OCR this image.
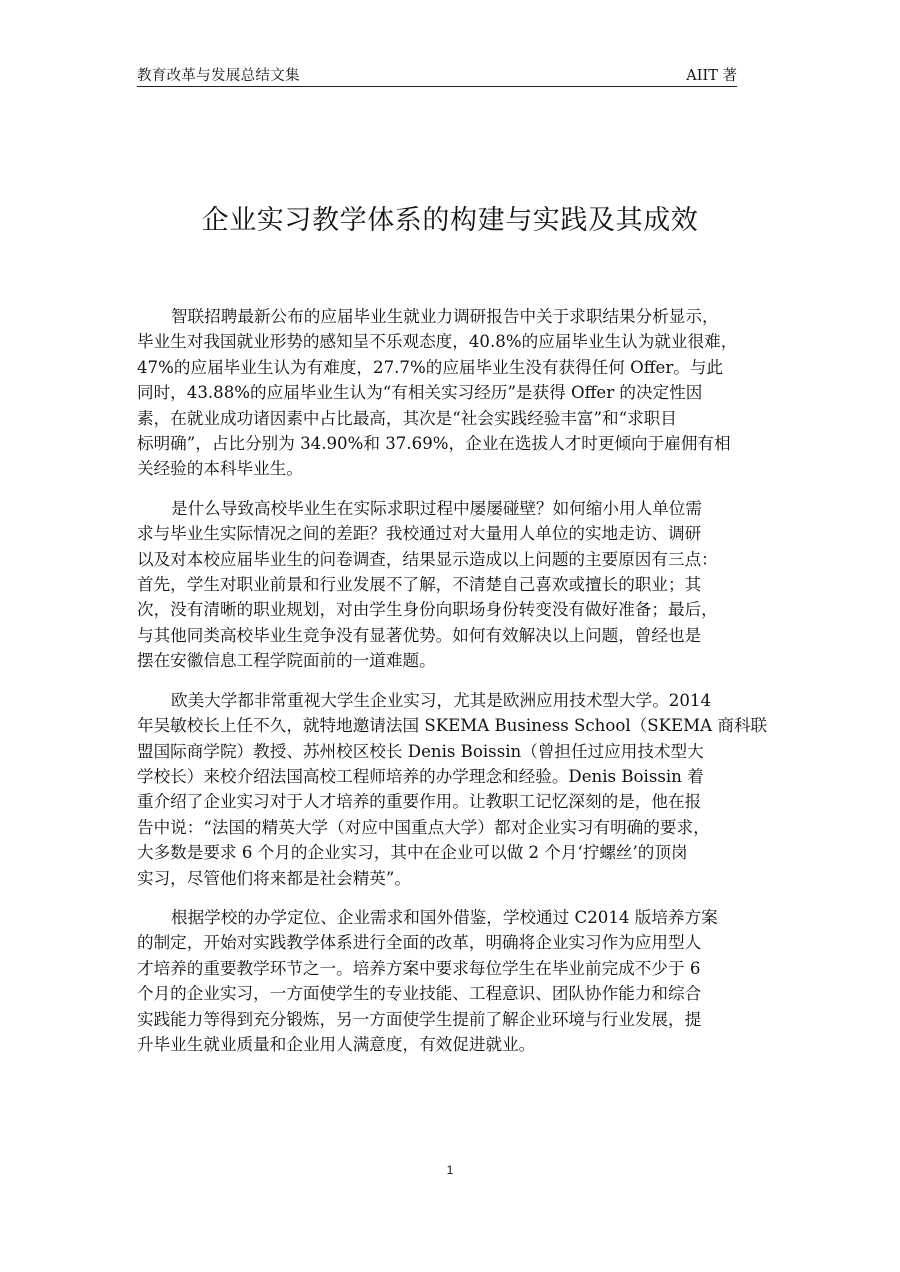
教育改革与发展总结文集	AIIT 著
企业实习教学体系的构建与实践及其成效

智联招聘最新公布的应届毕业生就业力调研报告中关于求职结果分析显示，
毕业生对我国就业形势的感知呈不乐观态度，40.8%的应届毕业生认为就业很难，
47%的应届毕业生认为有难度，27.7%的应届毕业生没有获得任何 Offer。与此
同时，43.88%的应届毕业生认为“有相关实习经历”是获得 Offer 的决定性因
素，在就业成功诸因素中占比最高，其次是“社会实践经验丰富”和“求职目
标明确”，占比分别为 34.90%和 37.69%，企业在选拔人才时更倾向于雇佣有相
关经验的本科毕业生。

是什么导致高校毕业生在实际求职过程中屡屡碰壁？如何缩小用人单位需
求与毕业生实际情况之间的差距？我校通过对大量用人单位的实地走访、调研
以及对本校应届毕业生的问卷调查，结果显示造成以上问题的主要原因有三点：
首先，学生对职业前景和行业发展不了解，不清楚自己喜欢或擅长的职业；其
次，没有清晰的职业规划，对由学生身份向职场身份转变没有做好准备；最后，
与其他同类高校毕业生竞争没有显著优势。如何有效解决以上问题，曾经也是
摆在安徽信息工程学院面前的一道难题。

欧美大学都非常重视大学生企业实习，尤其是欧洲应用技术型大学。2014
年吴敏校长上任不久，就特地邀请法国 SKEMA Business School（SKEMA 商科联
盟国际商学院）教授、苏州校区校长 Denis Boissin（曾担任过应用技术型大
学校长）来校介绍法国高校工程师培养的办学理念和经验。Denis Boissin 着
重介绍了企业实习对于人才培养的重要作用。让教职工记忆深刻的是，他在报
告中说：“法国的精英大学（对应中国重点大学）都对企业实习有明确的要求，
大多数是要求 6 个月的企业实习，其中在企业可以做 2 个月‘拧螺丝’的顶岗
实习，尽管他们将来都是社会精英”。

根据学校的办学定位、企业需求和国外借鉴，学校通过 C2014 版培养方案
的制定，开始对实践教学体系进行全面的改革，明确将企业实习作为应用型人
才培养的重要教学环节之一。培养方案中要求每位学生在毕业前完成不少于 6
个月的企业实习，一方面使学生的专业技能、工程意识、团队协作能力和综合
实践能力等得到充分锻炼，另一方面使学生提前了解企业环境与行业发展，提
升毕业生就业质量和企业用人满意度，有效促进就业。

1
